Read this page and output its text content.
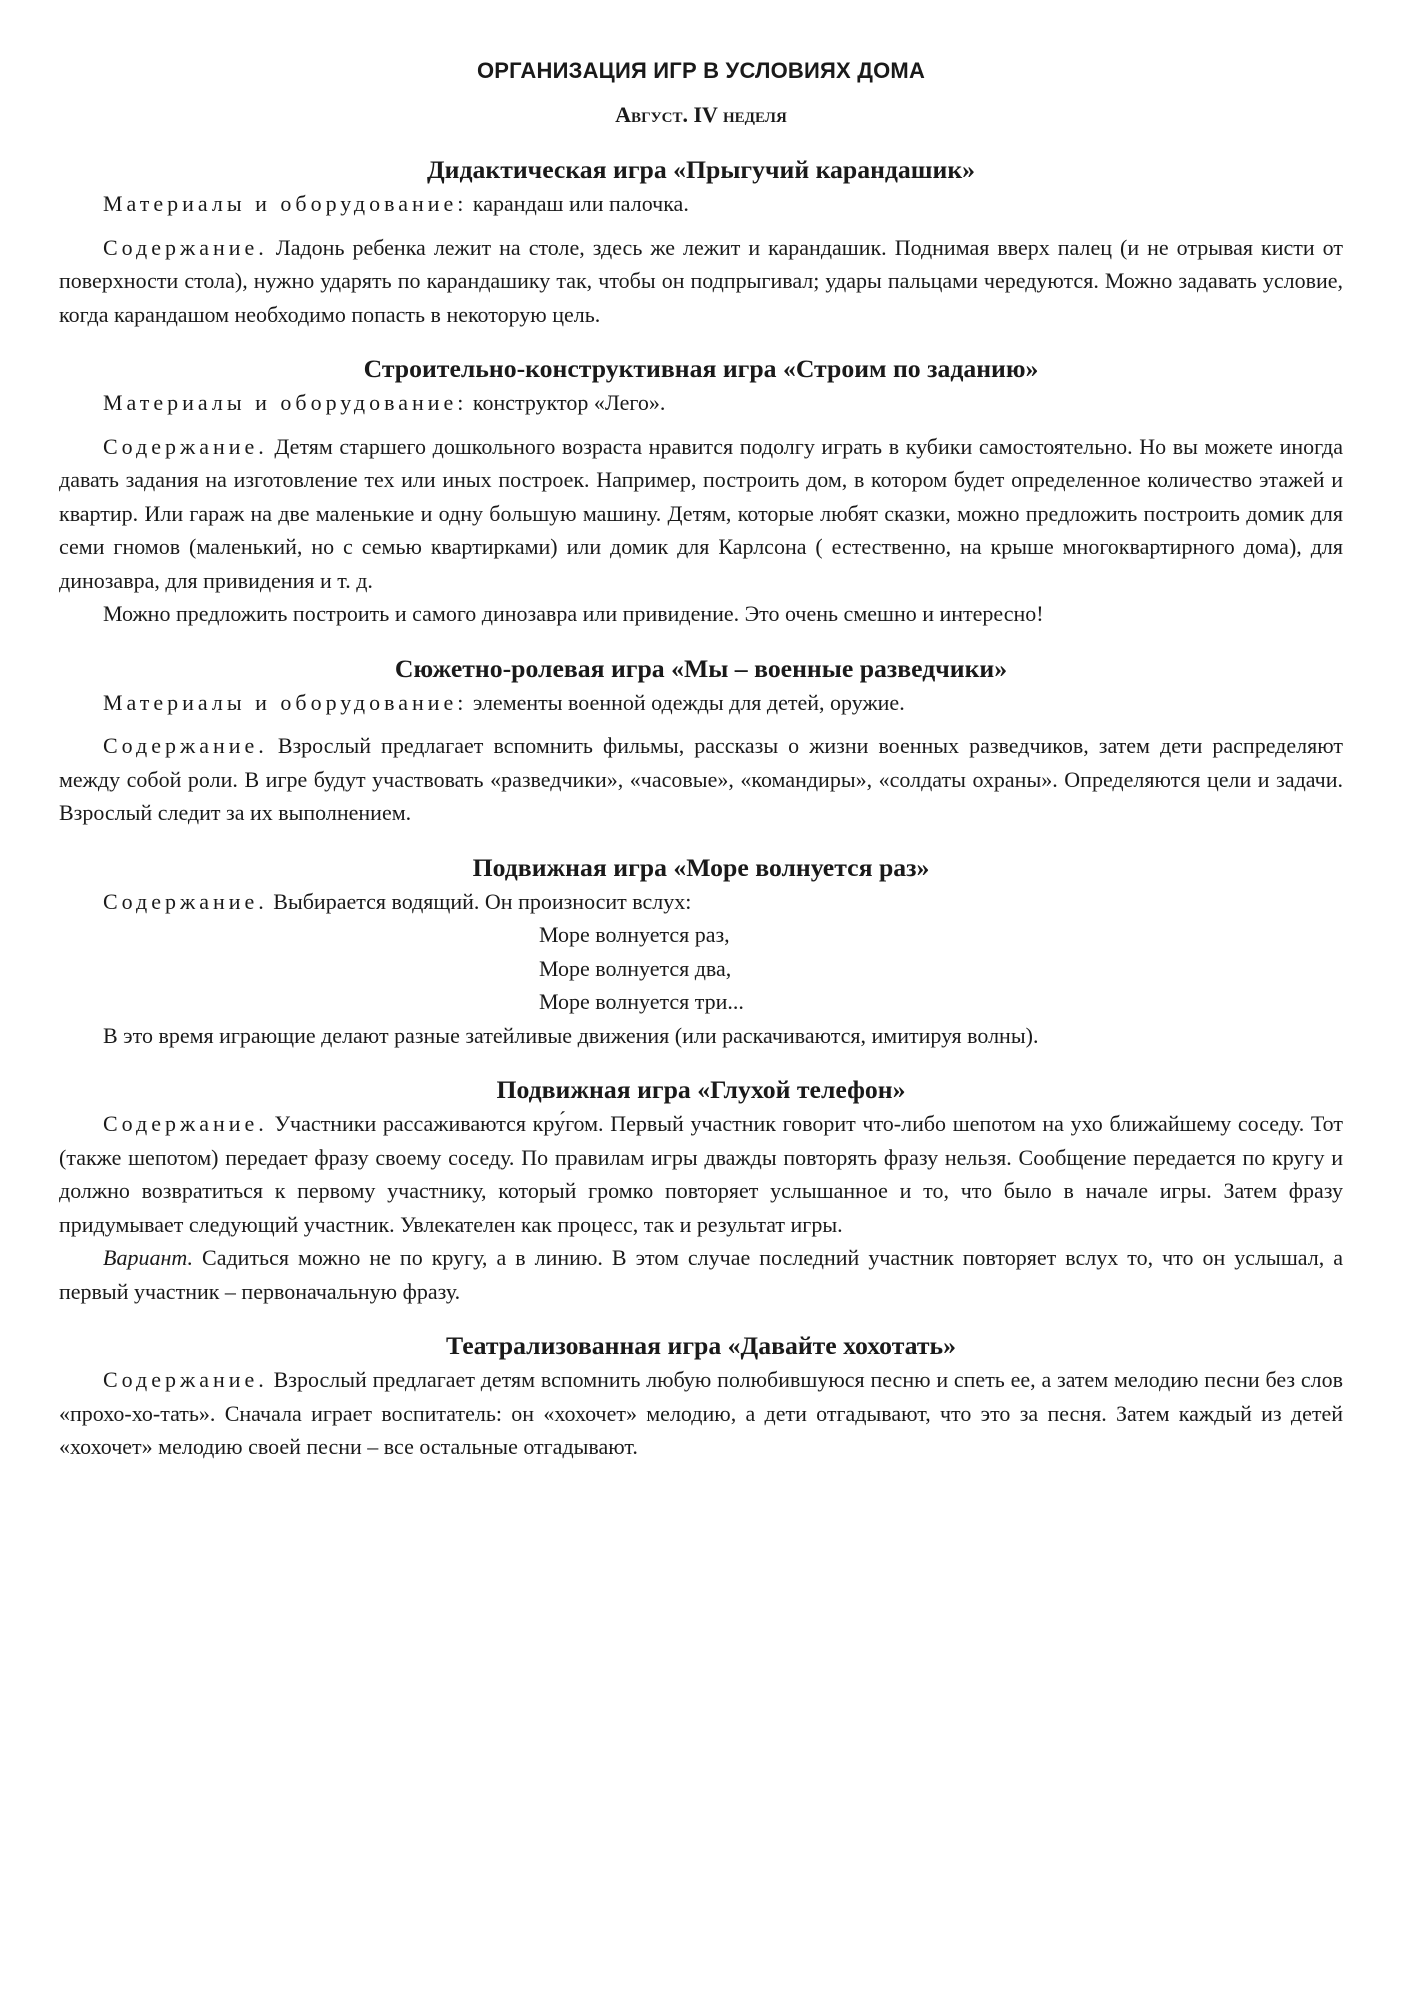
ОРГАНИЗАЦИЯ ИГР В УСЛОВИЯХ ДОМА
Август. IV неделя
Дидактическая игра «Прыгучий карандашик»

Материалы и оборудование: карандаш или палочка.

Содержание. Ладонь ребенка лежит на столе, здесь же лежит и карандашик. Поднимая вверх палец (и не отрывая кисти от поверхности стола), нужно ударять по карандашику так, чтобы он подпрыгивал; удары пальцами чередуются. Можно задавать условие, когда карандашом необходимо попасть в некоторую цель.

Строительно-конструктивная игра «Строим по заданию»

Материалы и оборудование: конструктор «Лего».

Содержание. Детям старшего дошкольного возраста нравится подолгу играть в кубики самостоятельно. Но вы можете иногда давать задания на изготовление тех или иных построек. Например, построить дом, в котором будет определенное количество этажей и квартир. Или гараж на две маленькие и одну большую машину. Детям, которые любят сказки, можно предложить построить домик для семи гномов (маленький, но с семью квартирками) или домик для Карлсона ( естественно, на крыше многоквартирного дома), для динозавра, для привидения и т. д.

Можно предложить построить и самого динозавра или привидение. Это очень смешно и интересно!

Сюжетно-ролевая игра «Мы – военные разведчики»

Материалы и оборудование: элементы военной одежды для детей, оружие.

Содержание. Взрослый предлагает вспомнить фильмы, рассказы о жизни военных разведчиков, затем дети распределяют между собой роли. В игре будут участвовать «разведчики», «часовые», «командиры», «солдаты охраны». Определяются цели и задачи. Взрослый следит за их выполнением.

Подвижная игра «Море волнуется раз»

Содержание. Выбирается водящий. Он произносит вслух:

Море волнуется раз,
Море волнуется два,
Море волнуется три...

В это время играющие делают разные затейливые движения (или раскачиваются, имитируя волны).

Подвижная игра «Глухой телефон»

Содержание. Участники рассаживаются кру́гом. Первый участник говорит что-либо шепотом на ухо ближайшему соседу. Тот (также шепотом) передает фразу своему соседу. По правилам игры дважды повторять фразу нельзя. Сообщение передается по кругу и должно возвратиться к первому участнику, который громко повторяет услышанное и то, что было в начале игры. Затем фразу придумывает следующий участник. Увлекателен как процесс, так и результат игры.

Вариант. Садиться можно не по кругу, а в линию. В этом случае последний участник повторяет вслух то, что он услышал, а первый участник – первоначальную фразу.

Театрализованная игра «Давайте хохотать»

Содержание. Взрослый предлагает детям вспомнить любую полюбившуюся песню и спеть ее, а затем мелодию песни без слов «прохо-хо-тать». Сначала играет воспитатель: он «хохочет» мелодию, а дети отгадывают, что это за песня. Затем каждый из детей «хохочет» мелодию своей песни – все остальные отгадывают.
